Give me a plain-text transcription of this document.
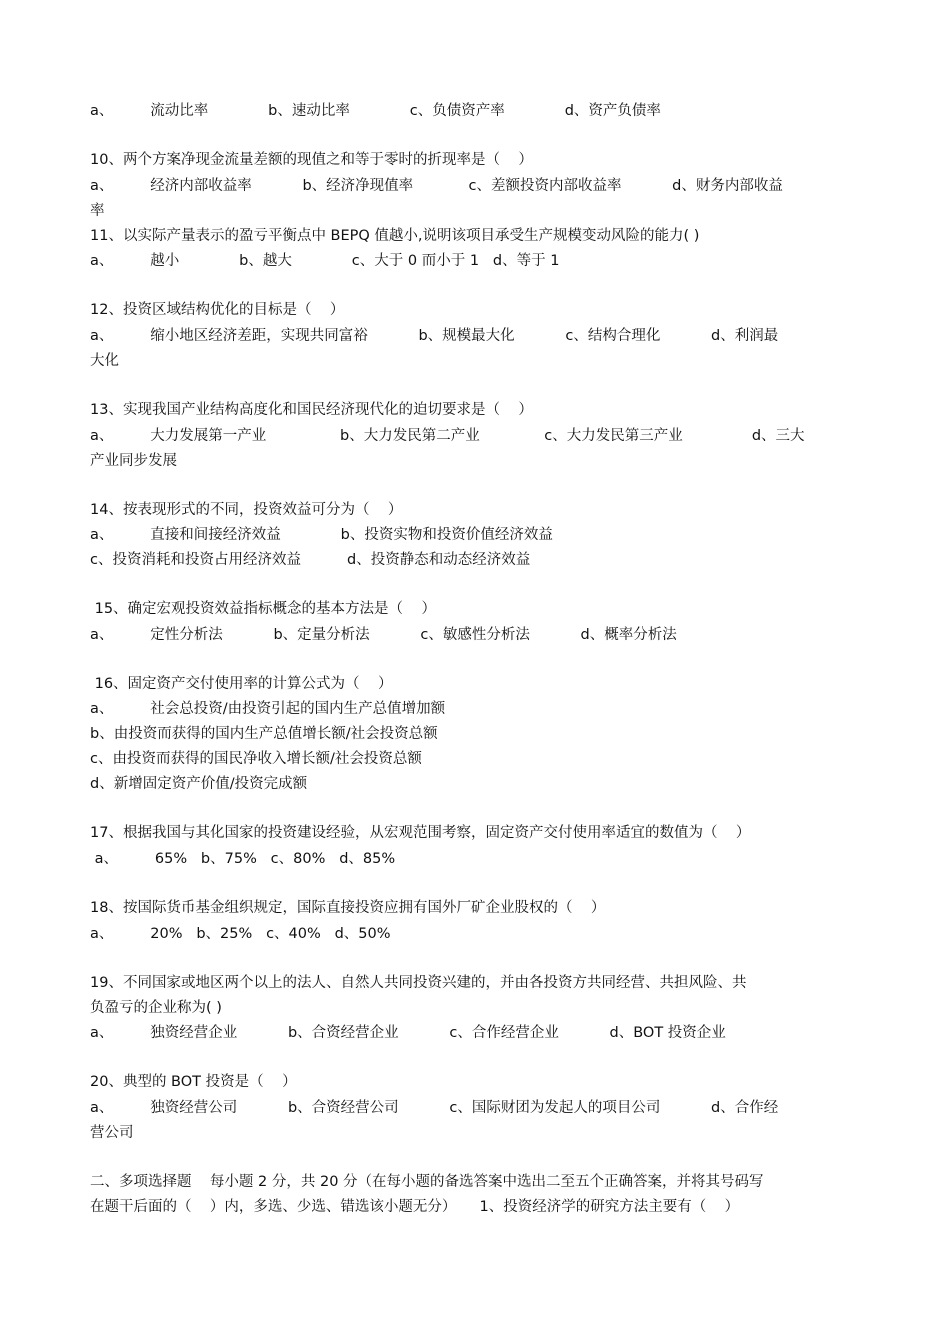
a、        流动比率             b、速动比率             c、负债资产率             d、资产负债率
10、两个方案净现金流量差额的现值之和等于零时的折现率是（    ）
a、        经济内部收益率           b、经济净现值率            c、差额投资内部收益率           d、财务内部收益
率
11、以实际产量表示的盈亏平衡点中 BEPQ 值越小,说明该项目承受生产规模变动风险的能力( )
a、        越小             b、越大             c、大于 0 而小于 1   d、等于 1
12、投资区域结构优化的目标是（    ）
a、        缩小地区经济差距，实现共同富裕           b、规模最大化           c、结构合理化           d、利润最
大化
13、实现我国产业结构高度化和国民经济现代化的迫切要求是（    ）
a、        大力发展第一产业                b、大力发民第二产业              c、大力发民第三产业               d、三大
产业同步发展
14、按表现形式的不同，投资效益可分为（    ）
a、        直接和间接经济效益             b、投资实物和投资价值经济效益
c、投资消耗和投资占用经济效益          d、投资静态和动态经济效益
15、确定宏观投资效益指标概念的基本方法是（    ）
a、        定性分析法           b、定量分析法           c、敏感性分析法           d、概率分析法
16、固定资产交付使用率的计算公式为（    ）
a、        社会总投资/由投资引起的国内生产总值增加额
b、由投资而获得的国内生产总值增长额/社会投资总额
c、由投资而获得的国民净收入增长额/社会投资总额
d、新增固定资产价值/投资完成额
17、根据我国与其化国家的投资建设经验，从宏观范围考察，固定资产交付使用率适宜的数值为（    ）
a、        65%   b、75%   c、80%   d、85%
18、按国际货币基金组织规定，国际直接投资应拥有国外厂矿企业股权的（    ）
a、        20%   b、25%   c、40%   d、50%
19、不同国家或地区两个以上的法人、自然人共同投资兴建的，并由各投资方共同经营、共担风险、共
负盈亏的企业称为( )
a、        独资经营企业           b、合资经营企业           c、合作经营企业           d、BOT 投资企业
20、典型的 BOT 投资是（    ）
a、        独资经营公司           b、合资经营公司           c、国际财团为发起人的项目公司           d、合作经
营公司
二、多项选择题    每小题 2 分，共 20 分（在每小题的备选答案中选出二至五个正确答案，并将其号码写
在题干后面的（    ）内，多选、少选、错选该小题无分）     1、投资经济学的研究方法主要有（    ）
